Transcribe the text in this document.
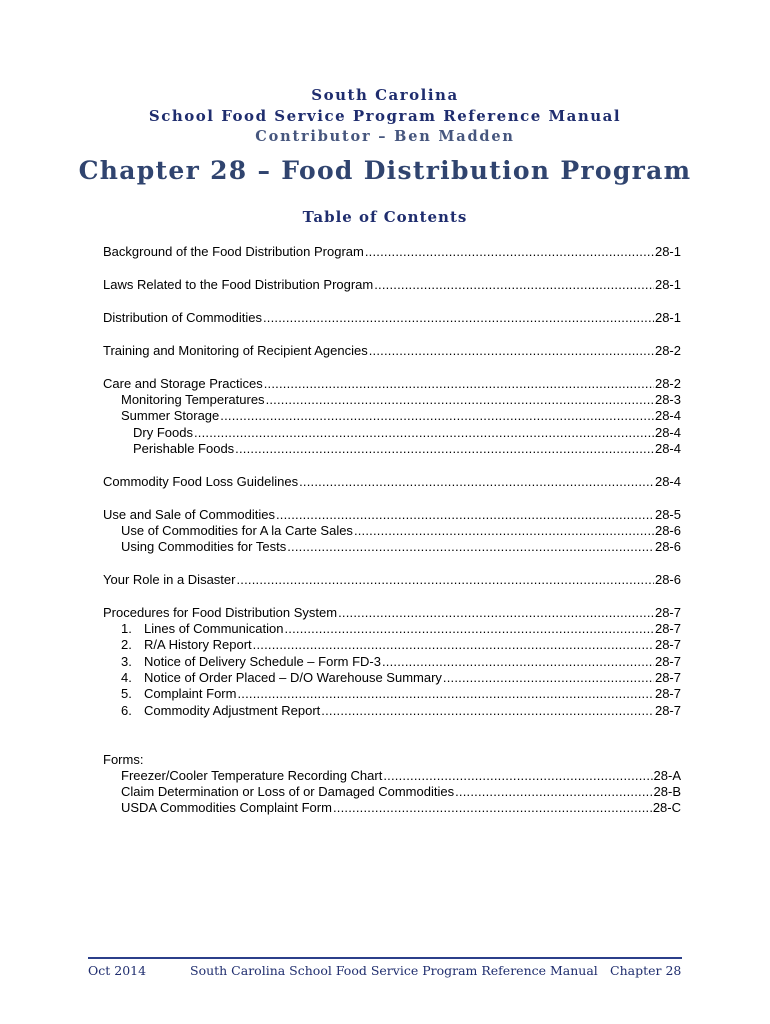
South Carolina
School Food Service Program Reference Manual
Contributor – Ben Madden
Chapter 28 – Food Distribution Program
Table of Contents
Background of the Food Distribution Program .....	28-1
Laws Related to the Food Distribution Program .....	28-1
Distribution of Commodities .....	28-1
Training and Monitoring of Recipient Agencies .....	28-2
Care and Storage Practices .....	28-2
Monitoring Temperatures .....	28-3
Summer Storage .....	28-4
Dry Foods .....	28-4
Perishable Foods .....	28-4
Commodity Food Loss Guidelines .....	28-4
Use and Sale of Commodities .....	28-5
Use of Commodities for A la Carte Sales .....	28-6
Using Commodities for Tests .....	28-6
Your Role in a Disaster .....	28-6
Procedures for Food Distribution System .....	28-7
1. Lines of Communication .....	28-7
2. R/A History Report .....	28-7
3. Notice of Delivery Schedule – Form FD-3 .....	28-7
4. Notice of Order Placed – D/O Warehouse Summary .....	28-7
5. Complaint Form .....	28-7
6. Commodity Adjustment Report .....	28-7
Forms:
Freezer/Cooler Temperature Recording Chart .....	28-A
Claim Determination or Loss of or Damaged Commodities .....	28-B
USDA Commodities Complaint Form .....	28-C
Oct 2014	South Carolina School Food Service Program Reference Manual Chapter 28
